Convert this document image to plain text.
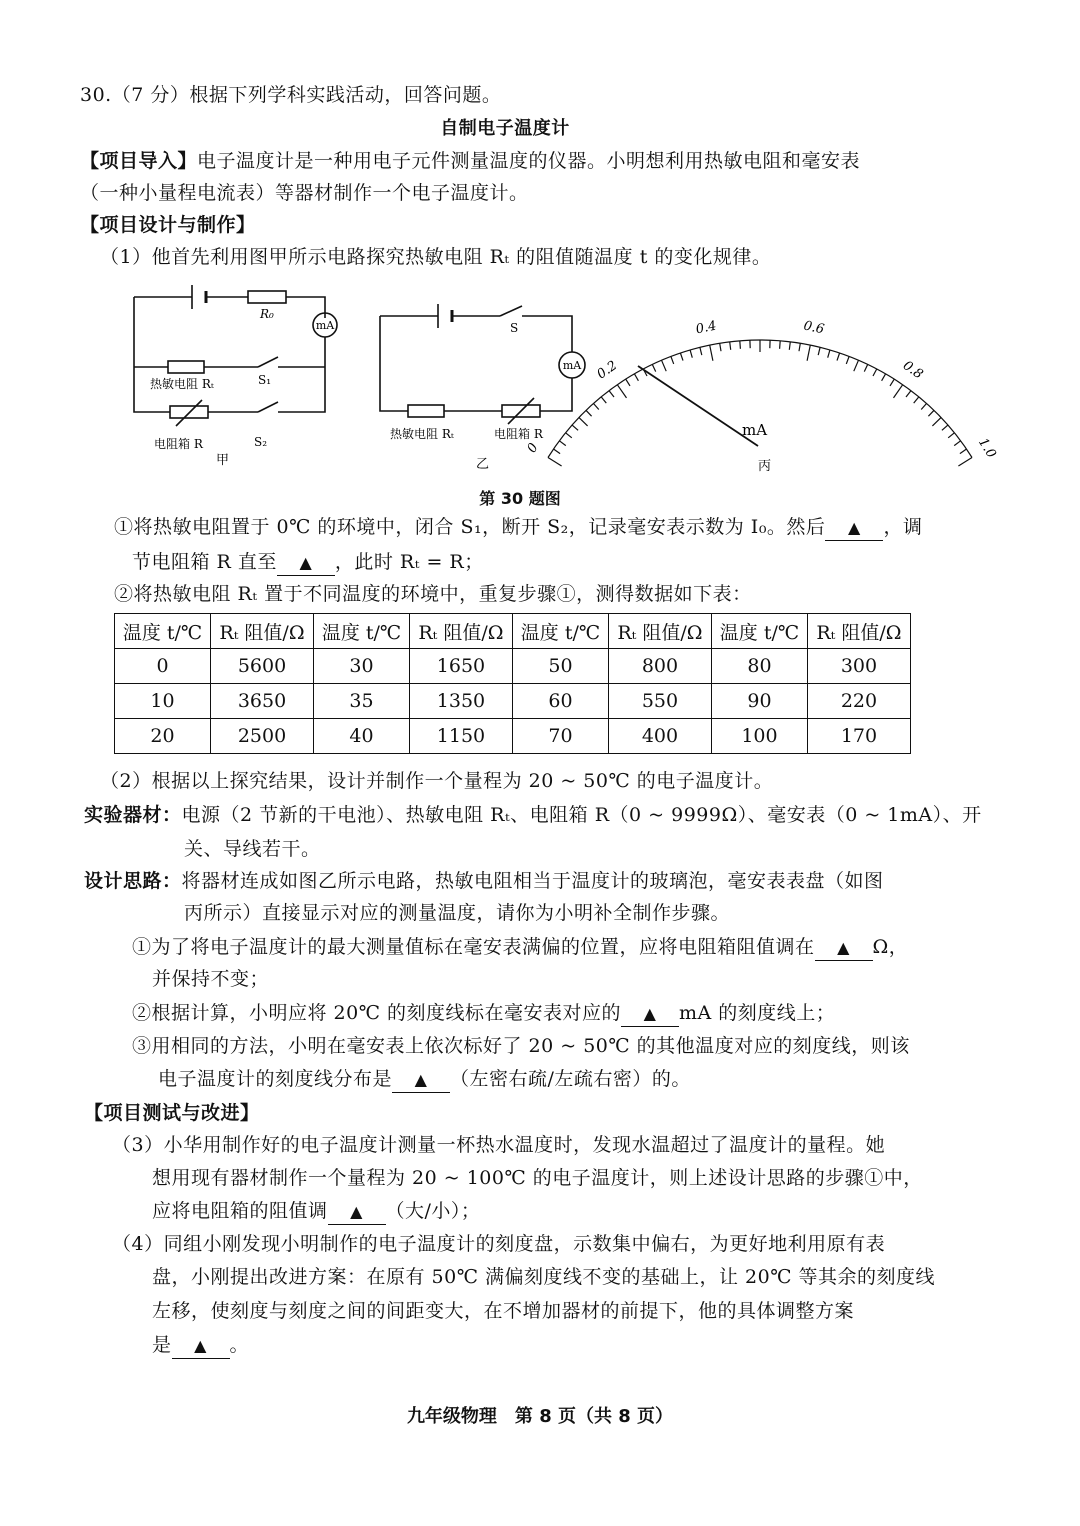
30.（7 分）根据下列学科实践活动，回答问题。
自制电子温度计
【项目导入】电子温度计是一种用电子元件测量温度的仪器。小明想利用热敏电阻和毫安表
（一种小量程电流表）等器材制作一个电子温度计。
【项目设计与制作】
（1）他首先利用图甲所示电路探究热敏电阻 Rₜ 的阻值随温度 t 的变化规律。
mA
R₀
热敏电阻 Rₜ	S₁
电阻箱 R	S₂
甲
mA
S
热敏电阻 Rₜ	电阻箱 R
乙
0
0.2
0.4	0.6
0.8
1.0
mA
丙
第 30 题图
①将热敏电阻置于 0℃ 的环境中，闭合 S₁，断开 S₂，记录毫安表示数为 I₀。然后 ▲ ，调
节电阻箱 R 直至 ▲ ，此时 Rₜ = R；
②将热敏电阻 Rₜ 置于不同温度的环境中，重复步骤①，测得数据如下表：
温度 t/℃	Rₜ 阻值/Ω	温度 t/℃	Rₜ 阻值/Ω	温度 t/℃	Rₜ 阻值/Ω	温度 t/℃	Rₜ 阻值/Ω
0	5600	30	1650	50	800	80	300
10	3650	35	1350	60	550	90	220
20	2500	40	1150	70	400	100	170
（2）根据以上探究结果，设计并制作一个量程为 20 ~ 50℃ 的电子温度计。
实验器材：电源（2 节新的干电池）、热敏电阻 Rₜ、电阻箱 R（0 ~ 9999Ω）、毫安表（0 ~ 1mA）、开
关、导线若干。
设计思路：将器材连成如图乙所示电路，热敏电阻相当于温度计的玻璃泡，毫安表表盘（如图
丙所示）直接显示对应的测量温度，请你为小明补全制作步骤。
①为了将电子温度计的最大测量值标在毫安表满偏的位置，应将电阻箱阻值调在 ▲ Ω，
并保持不变；
②根据计算，小明应将 20℃ 的刻度线标在毫安表对应的 ▲ mA 的刻度线上；
③用相同的方法，小明在毫安表上依次标好了 20 ~ 50℃ 的其他温度对应的刻度线，则该
电子温度计的刻度线分布是 ▲ （左密右疏/左疏右密）的。
【项目测试与改进】
（3）小华用制作好的电子温度计测量一杯热水温度时，发现水温超过了温度计的量程。她
想用现有器材制作一个量程为 20 ~ 100℃ 的电子温度计，则上述设计思路的步骤①中，
应将电阻箱的阻值调 ▲ （大/小）；
（4）同组小刚发现小明制作的电子温度计的刻度盘，示数集中偏右，为更好地利用原有表
盘，小刚提出改进方案：在原有 50℃ 满偏刻度线不变的基础上，让 20℃ 等其余的刻度线
左移，使刻度与刻度之间的间距变大，在不增加器材的前提下，他的具体调整方案
是 ▲ 。
九年级物理　第 8 页（共 8 页）
